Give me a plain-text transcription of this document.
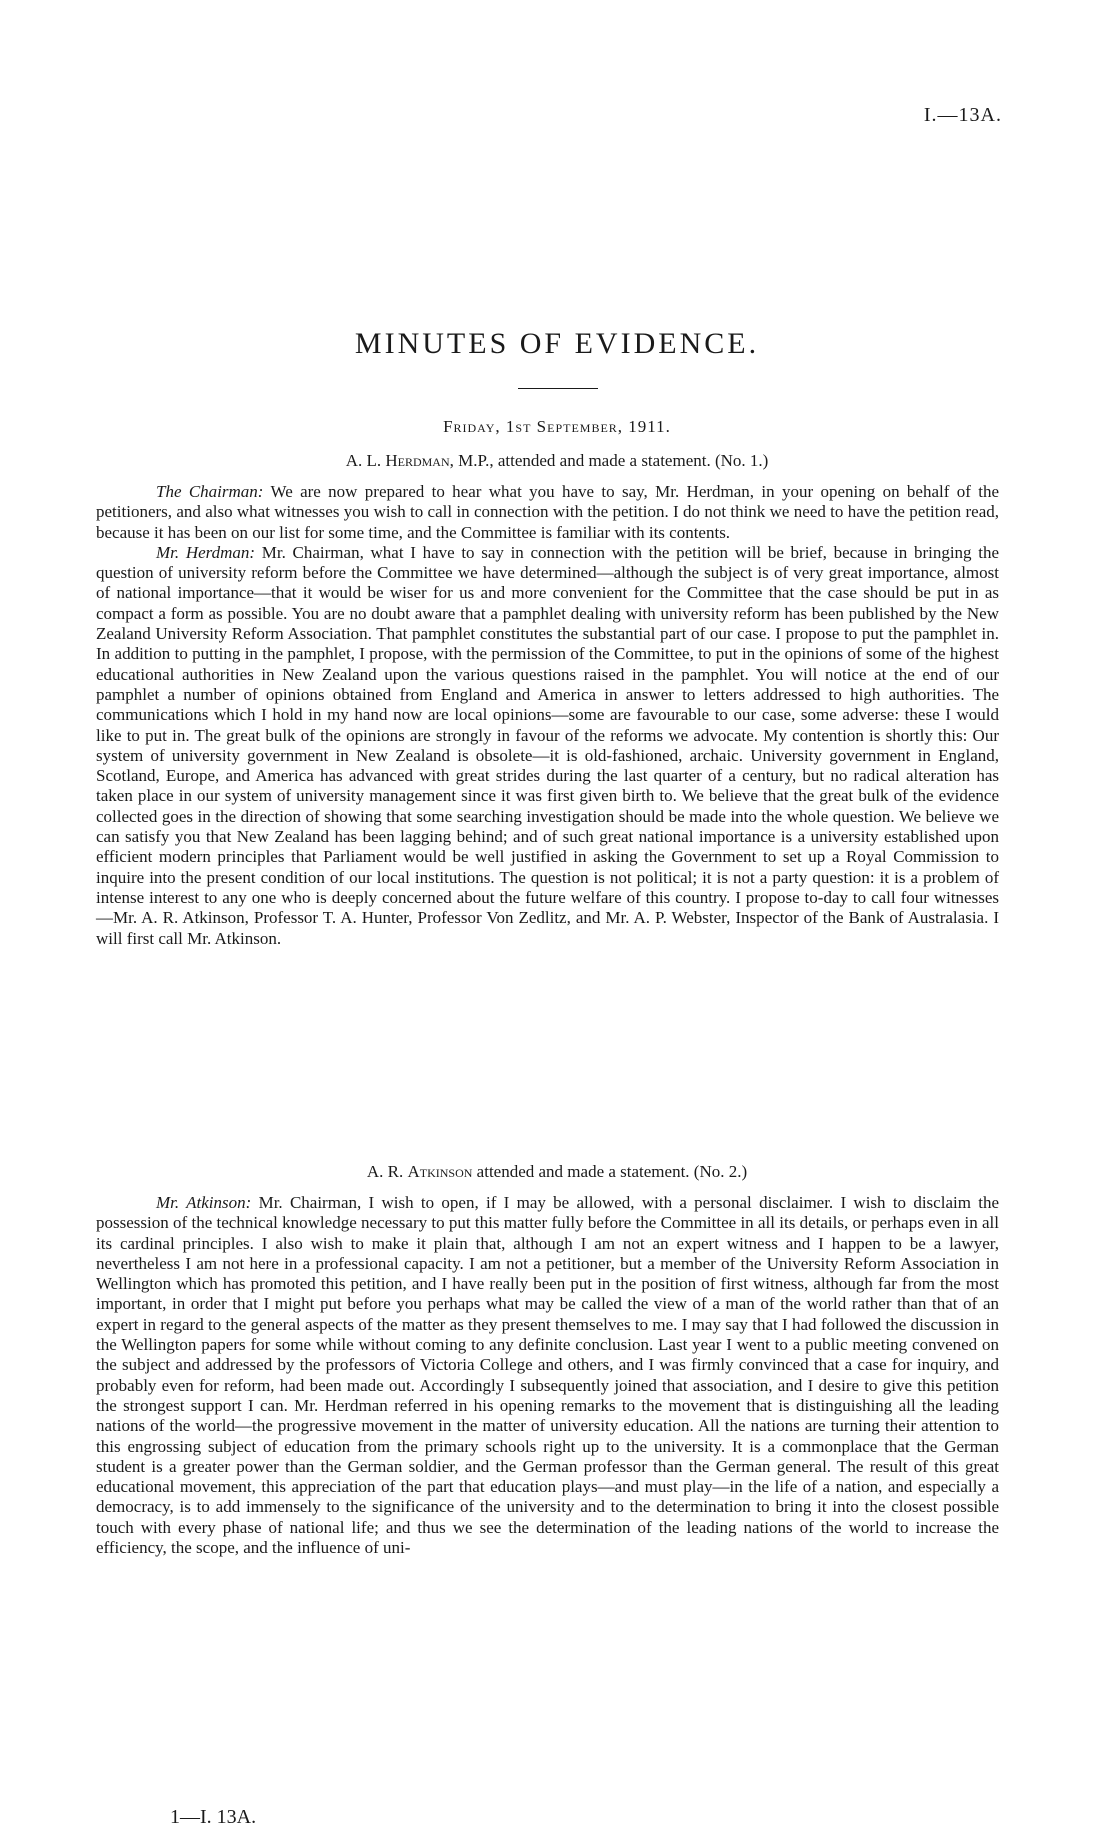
I.—13A.
MINUTES OF EVIDENCE.
Friday, 1st September, 1911.
A. L. Herdman, M.P., attended and made a statement. (No. 1.)

The Chairman: We are now prepared to hear what you have to say, Mr. Herdman, in your opening on behalf of the petitioners, and also what witnesses you wish to call in connection with the petition. I do not think we need to have the petition read, because it has been on our list for some time, and the Committee is familiar with its contents.

Mr. Herdman: Mr. Chairman, what I have to say in connection with the petition will be brief, because in bringing the question of university reform before the Committee we have determined—although the subject is of very great importance, almost of national importance—that it would be wiser for us and more convenient for the Committee that the case should be put in as compact a form as possible. You are no doubt aware that a pamphlet dealing with university reform has been published by the New Zealand University Reform Association. That pamphlet constitutes the substantial part of our case. I propose to put the pamphlet in. In addition to putting in the pamphlet, I propose, with the permission of the Committee, to put in the opinions of some of the highest educational authorities in New Zealand upon the various questions raised in the pamphlet. You will notice at the end of our pamphlet a number of opinions obtained from England and America in answer to letters addressed to high authorities. The communications which I hold in my hand now are local opinions—some are favourable to our case, some adverse: these I would like to put in. The great bulk of the opinions are strongly in favour of the reforms we advocate. My contention is shortly this: Our system of university government in New Zealand is obsolete—it is old-fashioned, archaic. University government in England, Scotland, Europe, and America has advanced with great strides during the last quarter of a century, but no radical alteration has taken place in our system of university management since it was first given birth to. We believe that the great bulk of the evidence collected goes in the direction of showing that some searching investigation should be made into the whole question. We believe we can satisfy you that New Zealand has been lagging behind; and of such great national importance is a university established upon efficient modern principles that Parliament would be well justified in asking the Government to set up a Royal Commission to inquire into the present condition of our local institutions. The question is not political; it is not a party question: it is a problem of intense interest to any one who is deeply concerned about the future welfare of this country. I propose to-day to call four witnesses—Mr. A. R. Atkinson, Professor T. A. Hunter, Professor Von Zedlitz, and Mr. A. P. Webster, Inspector of the Bank of Australasia. I will first call Mr. Atkinson.

A. R. Atkinson attended and made a statement. (No. 2.)

Mr. Atkinson: Mr. Chairman, I wish to open, if I may be allowed, with a personal disclaimer. I wish to disclaim the possession of the technical knowledge necessary to put this matter fully before the Committee in all its details, or perhaps even in all its cardinal principles. I also wish to make it plain that, although I am not an expert witness and I happen to be a lawyer, nevertheless I am not here in a professional capacity. I am not a petitioner, but a member of the University Reform Association in Wellington which has promoted this petition, and I have really been put in the position of first witness, although far from the most important, in order that I might put before you perhaps what may be called the view of a man of the world rather than that of an expert in regard to the general aspects of the matter as they present themselves to me. I may say that I had followed the discussion in the Wellington papers for some while without coming to any definite conclusion. Last year I went to a public meeting convened on the subject and addressed by the professors of Victoria College and others, and I was firmly convinced that a case for inquiry, and probably even for reform, had been made out. Accordingly I subsequently joined that association, and I desire to give this petition the strongest support I can. Mr. Herdman referred in his opening remarks to the movement that is distinguishing all the leading nations of the world—the progressive movement in the matter of university education. All the nations are turning their attention to this engrossing subject of education from the primary schools right up to the university. It is a commonplace that the German student is a greater power than the German soldier, and the German professor than the German general. The result of this great educational movement, this appreciation of the part that education plays—and must play—in the life of a nation, and especially a democracy, is to add immensely to the significance of the university and to the determination to bring it into the closest possible touch with every phase of national life; and thus we see the determination of the leading nations of the world to increase the efficiency, the scope, and the influence of uni-

1—I. 13A.
